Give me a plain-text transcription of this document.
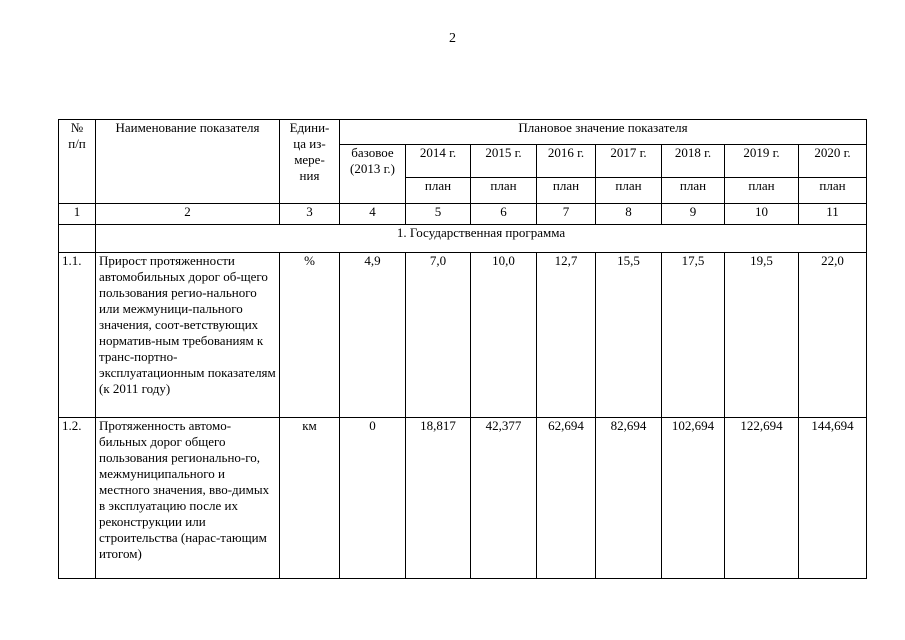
2
№
п/п	Наименование показателя	Едини-
ца из-
мере-
ния	Плановое значение показателя							
			базовое
(2013 г.)	2014 г.	2015 г.	2016 г.	2017 г.	2018 г.	2019 г.	2020 г.
				план	план	план	план	план	план	план
1	2	3	4	5	6	7	8	9	10	11
	1. Государственная программа									
1.1.	Прирост протяженности автомобильных дорог об-щего пользования регио-нального или межмуници-пального значения, соот-ветствующих норматив-ным требованиям к транс-портно-эксплуатационным показателям (к 2011 году)	%	4,9	7,0	10,0	12,7	15,5	17,5	19,5	22,0
1.2.	Протяженность автомо-бильных дорог общего пользования регионально-го, межмуниципального и местного значения, вво-димых в эксплуатацию после их реконструкции или строительства (нарас-тающим итогом)	км	0	18,817	42,377	62,694	82,694	102,694	122,694	144,694
